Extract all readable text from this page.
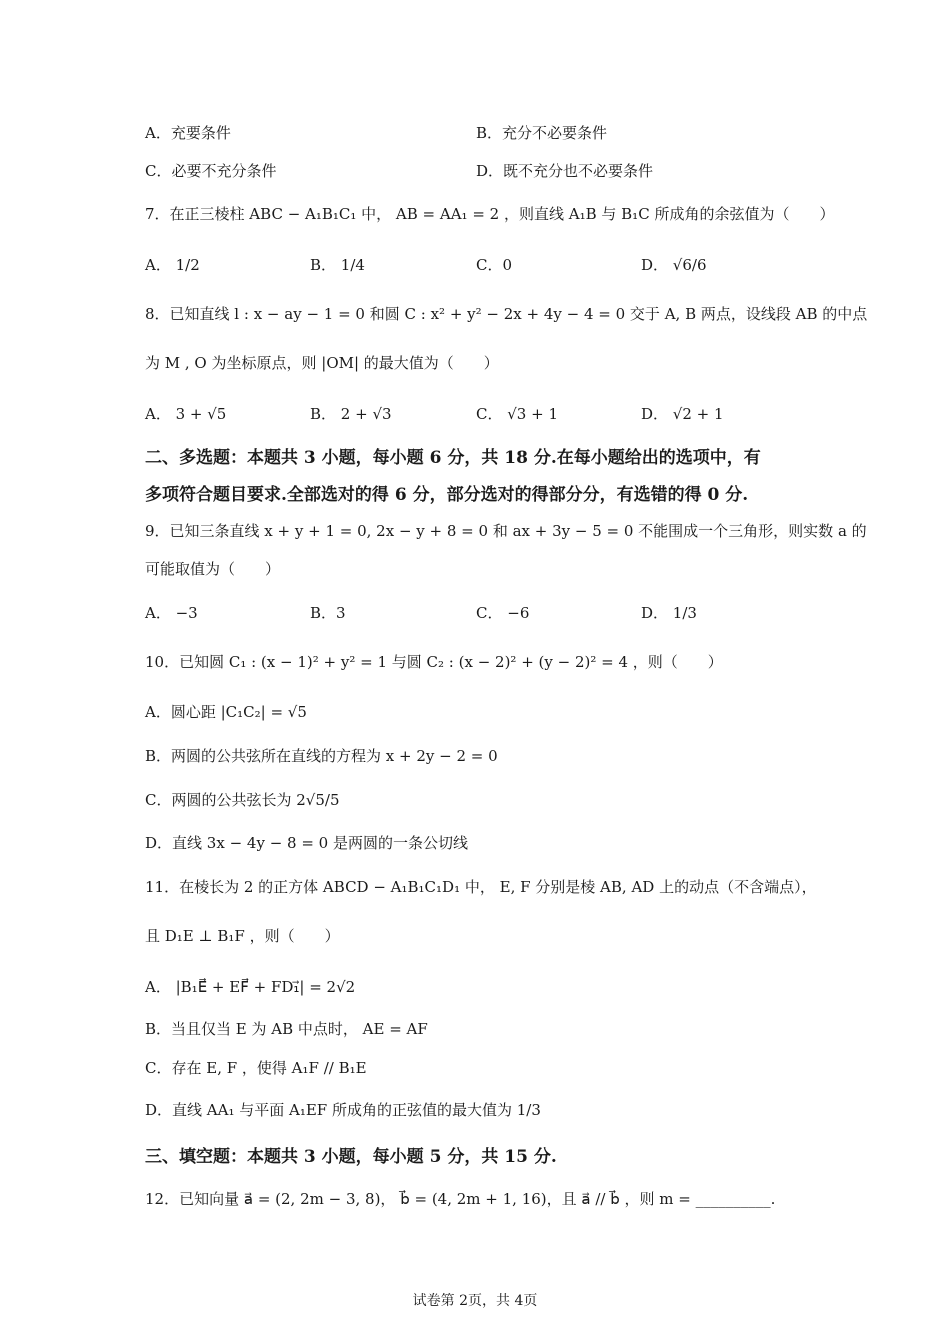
A．充要条件	B．充分不必要条件
C．必要不充分条件	D．既不充分也不必要条件
7．在正三棱柱 ABC − A₁B₁C₁ 中， AB = AA₁ = 2 ，则直线 A₁B 与 B₁C 所成角的余弦值为（　　）
A． 1/2	B． 1/4	C．0	D． √6/6
8．已知直线 l : x − ay − 1 = 0 和圆 C : x² + y² − 2x + 4y − 4 = 0 交于 A, B 两点，设线段 AB 的中点
为 M , O 为坐标原点，则 |OM| 的最大值为（　　）
A． 3 + √5	B． 2 + √3	C． √3 + 1	D． √2 + 1
二、多选题：本题共 3 小题，每小题 6 分，共 18 分.在每小题给出的选项中，有
多项符合题目要求.全部选对的得 6 分，部分选对的得部分分，有选错的得 0 分.
9．已知三条直线 x + y + 1 = 0, 2x − y + 8 = 0 和 ax + 3y − 5 = 0 不能围成一个三角形，则实数 a 的
可能取值为（　　）
A． −3	B．3	C． −6	D． 1/3
10．已知圆 C₁ : (x − 1)² + y² = 1 与圆 C₂ : (x − 2)² + (y − 2)² = 4 ，则（　　）
A．圆心距 |C₁C₂| = √5
B．两圆的公共弦所在直线的方程为 x + 2y − 2 = 0
C．两圆的公共弦长为 2√5/5
D．直线 3x − 4y − 8 = 0 是两圆的一条公切线
11．在棱长为 2 的正方体 ABCD − A₁B₁C₁D₁ 中， E, F 分别是棱 AB, AD 上的动点（不含端点），
且 D₁E ⊥ B₁F ，则（　　）
A． |B₁E⃗ + EF⃗ + FD₁⃗| = 2√2
B．当且仅当 E 为 AB 中点时， AE = AF
C．存在 E, F ，使得 A₁F // B₁E
D．直线 AA₁ 与平面 A₁EF 所成角的正弦值的最大值为 1/3
三、填空题：本题共 3 小题，每小题 5 分，共 15 分.
12．已知向量 a⃗ = (2, 2m − 3, 8)， b⃗ = (4, 2m + 1, 16)，且 a⃗ // b⃗ ，则 m = __________.
试卷第 2页，共 4页
